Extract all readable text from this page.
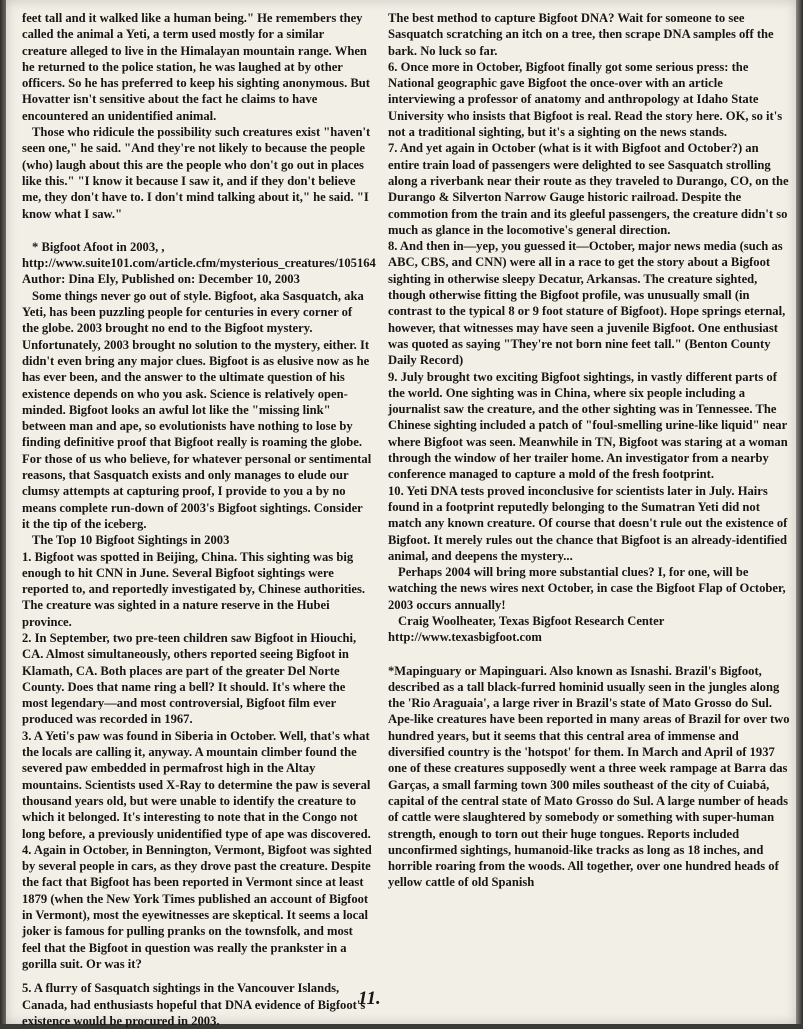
feet tall and it walked like a human being." He remembers they called the animal a Yeti, a term used mostly for a similar creature alleged to live in the Himalayan mountain range. When he returned to the police station, he was laughed at by other officers. So he has preferred to keep his sighting anonymous. But Hovatter isn't sensitive about the fact he claims to have encountered an unidentified animal.

Those who ridicule the possibility such creatures exist "haven't seen one," he said. "And they're not likely to because the people (who) laugh about this are the people who don't go out in places like this." "I know it because I saw it, and if they don't believe me, they don't have to. I don't mind talking about it," he said. "I know what I saw."

* Bigfoot Afoot in 2003, , http://www.suite101.com/article.cfm/mysterious_creatures/105164

Author: Dina Ely, Published on: December 10, 2003

Some things never go out of style. Bigfoot, aka Sasquatch, aka Yeti, has been puzzling people for centuries in every corner of the globe. 2003 brought no end to the Bigfoot mystery. Unfortunately, 2003 brought no solution to the mystery, either. It didn't even bring any major clues. Bigfoot is as elusive now as he has ever been, and the answer to the ultimate question of his existence depends on who you ask. Science is relatively open-minded. Bigfoot looks an awful lot like the "missing link" between man and ape, so evolutionists have nothing to lose by finding definitive proof that Bigfoot really is roaming the globe. For those of us who believe, for whatever personal or sentimental reasons, that Sasquatch exists and only manages to elude our clumsy attempts at capturing proof, I provide to you a by no means complete run-down of 2003's Bigfoot sightings. Consider it the tip of the iceberg.

The Top 10 Bigfoot Sightings in 2003

1. Bigfoot was spotted in Beijing, China. This sighting was big enough to hit CNN in June. Several Bigfoot sightings were reported to, and reportedly investigated by, Chinese authorities. The creature was sighted in a nature reserve in the Hubei province.

2. In September, two pre-teen children saw Bigfoot in Hiouchi, CA. Almost simultaneously, others reported seeing Bigfoot in Klamath, CA. Both places are part of the greater Del Norte County. Does that name ring a bell? It should. It's where the most legendary—and most controversial, Bigfoot film ever produced was recorded in 1967.

3. A Yeti's paw was found in Siberia in October. Well, that's what the locals are calling it, anyway. A mountain climber found the severed paw embedded in permafrost high in the Altay mountains. Scientists used X-Ray to determine the paw is several thousand years old, but were unable to identify the creature to which it belonged. It's interesting to note that in the Congo not long before, a previously unidentified type of ape was discovered.

4. Again in October, in Bennington, Vermont, Bigfoot was sighted by several people in cars, as they drove past the creature. Despite the fact that Bigfoot has been reported in Vermont since at least 1879 (when the New York Times published an account of Bigfoot in Vermont), most the eyewitnesses are skeptical. It seems a local joker is famous for pulling pranks on the townsfolk, and most feel that the Bigfoot in question was really the prankster in a gorilla suit. Or was it?

5. A flurry of Sasquatch sightings in the Vancouver Islands, Canada, had enthusiasts hopeful that DNA evidence of Bigfoot's existence would be procured in 2003.

The best method to capture Bigfoot DNA? Wait for someone to see Sasquatch scratching an itch on a tree, then scrape DNA samples off the bark. No luck so far.

6. Once more in October, Bigfoot finally got some serious press: the National geographic gave Bigfoot the once-over with an article interviewing a professor of anatomy and anthropology at Idaho State University who insists that Bigfoot is real. Read the story here. OK, so it's not a traditional sighting, but it's a sighting on the news stands.

7. And yet again in October (what is it with Bigfoot and October?) an entire train load of passengers were delighted to see Sasquatch strolling along a riverbank near their route as they traveled to Durango, CO, on the Durango & Silverton Narrow Gauge historic railroad. Despite the commotion from the train and its gleeful passengers, the creature didn't so much as glance in the locomotive's general direction.

8. And then in—yep, you guessed it—October, major news media (such as ABC, CBS, and CNN) were all in a race to get the story about a Bigfoot sighting in otherwise sleepy Decatur, Arkansas. The creature sighted, though otherwise fitting the Bigfoot profile, was unusually small (in contrast to the typical 8 or 9 foot stature of Bigfoot). Hope springs eternal, however, that witnesses may have seen a juvenile Bigfoot. One enthusiast was quoted as saying "They're not born nine feet tall." (Benton County Daily Record)

9. July brought two exciting Bigfoot sightings, in vastly different parts of the world. One sighting was in China, where six people including a journalist saw the creature, and the other sighting was in Tennessee. The Chinese sighting included a patch of "foul-smelling urine-like liquid" near where Bigfoot was seen. Meanwhile in TN, Bigfoot was staring at a woman through the window of her trailer home. An investigator from a nearby conference managed to capture a mold of the fresh footprint.

10. Yeti DNA tests proved inconclusive for scientists later in July. Hairs found in a footprint reputedly belonging to the Sumatran Yeti did not match any known creature. Of course that doesn't rule out the existence of Bigfoot. It merely rules out the chance that Bigfoot is an already-identified animal, and deepens the mystery...

Perhaps 2004 will bring more substantial clues? I, for one, will be watching the news wires next October, in case the Bigfoot Flap of October, 2003 occurs annually!

Craig Woolheater, Texas Bigfoot Research Center

http://www.texasbigfoot.com

*Mapinguary or Mapinguari. Also known as Isnashi. Brazil's Bigfoot, described as a tall black-furred hominid usually seen in the jungles along the 'Rio Araguaia', a large river in Brazil's state of Mato Grosso do Sul. Ape-like creatures have been reported in many areas of Brazil for over two hundred years, but it seems that this central area of immense and diversified country is the 'hotspot' for them. In March and April of 1937 one of these creatures supposedly went a three week rampage at Barra das Garças, a small farming town 300 miles southeast of the city of Cuiabá, capital of the central state of Mato Grosso do Sul. A large number of heads of cattle were slaughtered by somebody or something with super-human strength, enough to torn out their huge tongues. Reports included unconfirmed sightings, humanoid-like tracks as long as 18 inches, and horrible roaring from the woods. All together, over one hundred heads of yellow cattle of old Spanish

11.
